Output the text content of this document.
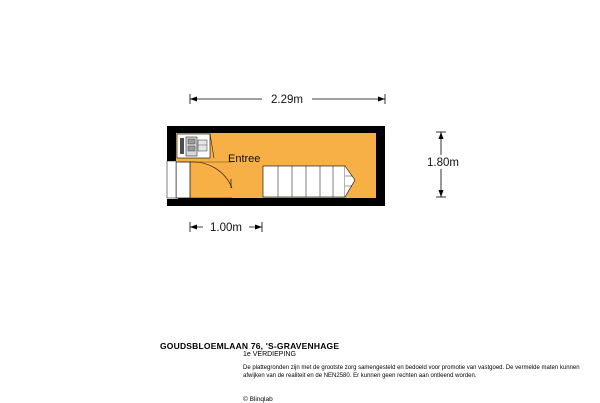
2.29m
1.80m
1.00m
Entree
GOUDSBLOEMLAAN 76, 'S-GRAVENHAGE
1e VERDIEPING
De plattegronden zijn met de grootste zorg samengesteld en bedoeld voor promotie van vastgoed. De vermelde maten kunnen afwijken van de realiteit en de NEN2580. Er kunnen geen rechten aan ontleend worden.
© Blinqlab
